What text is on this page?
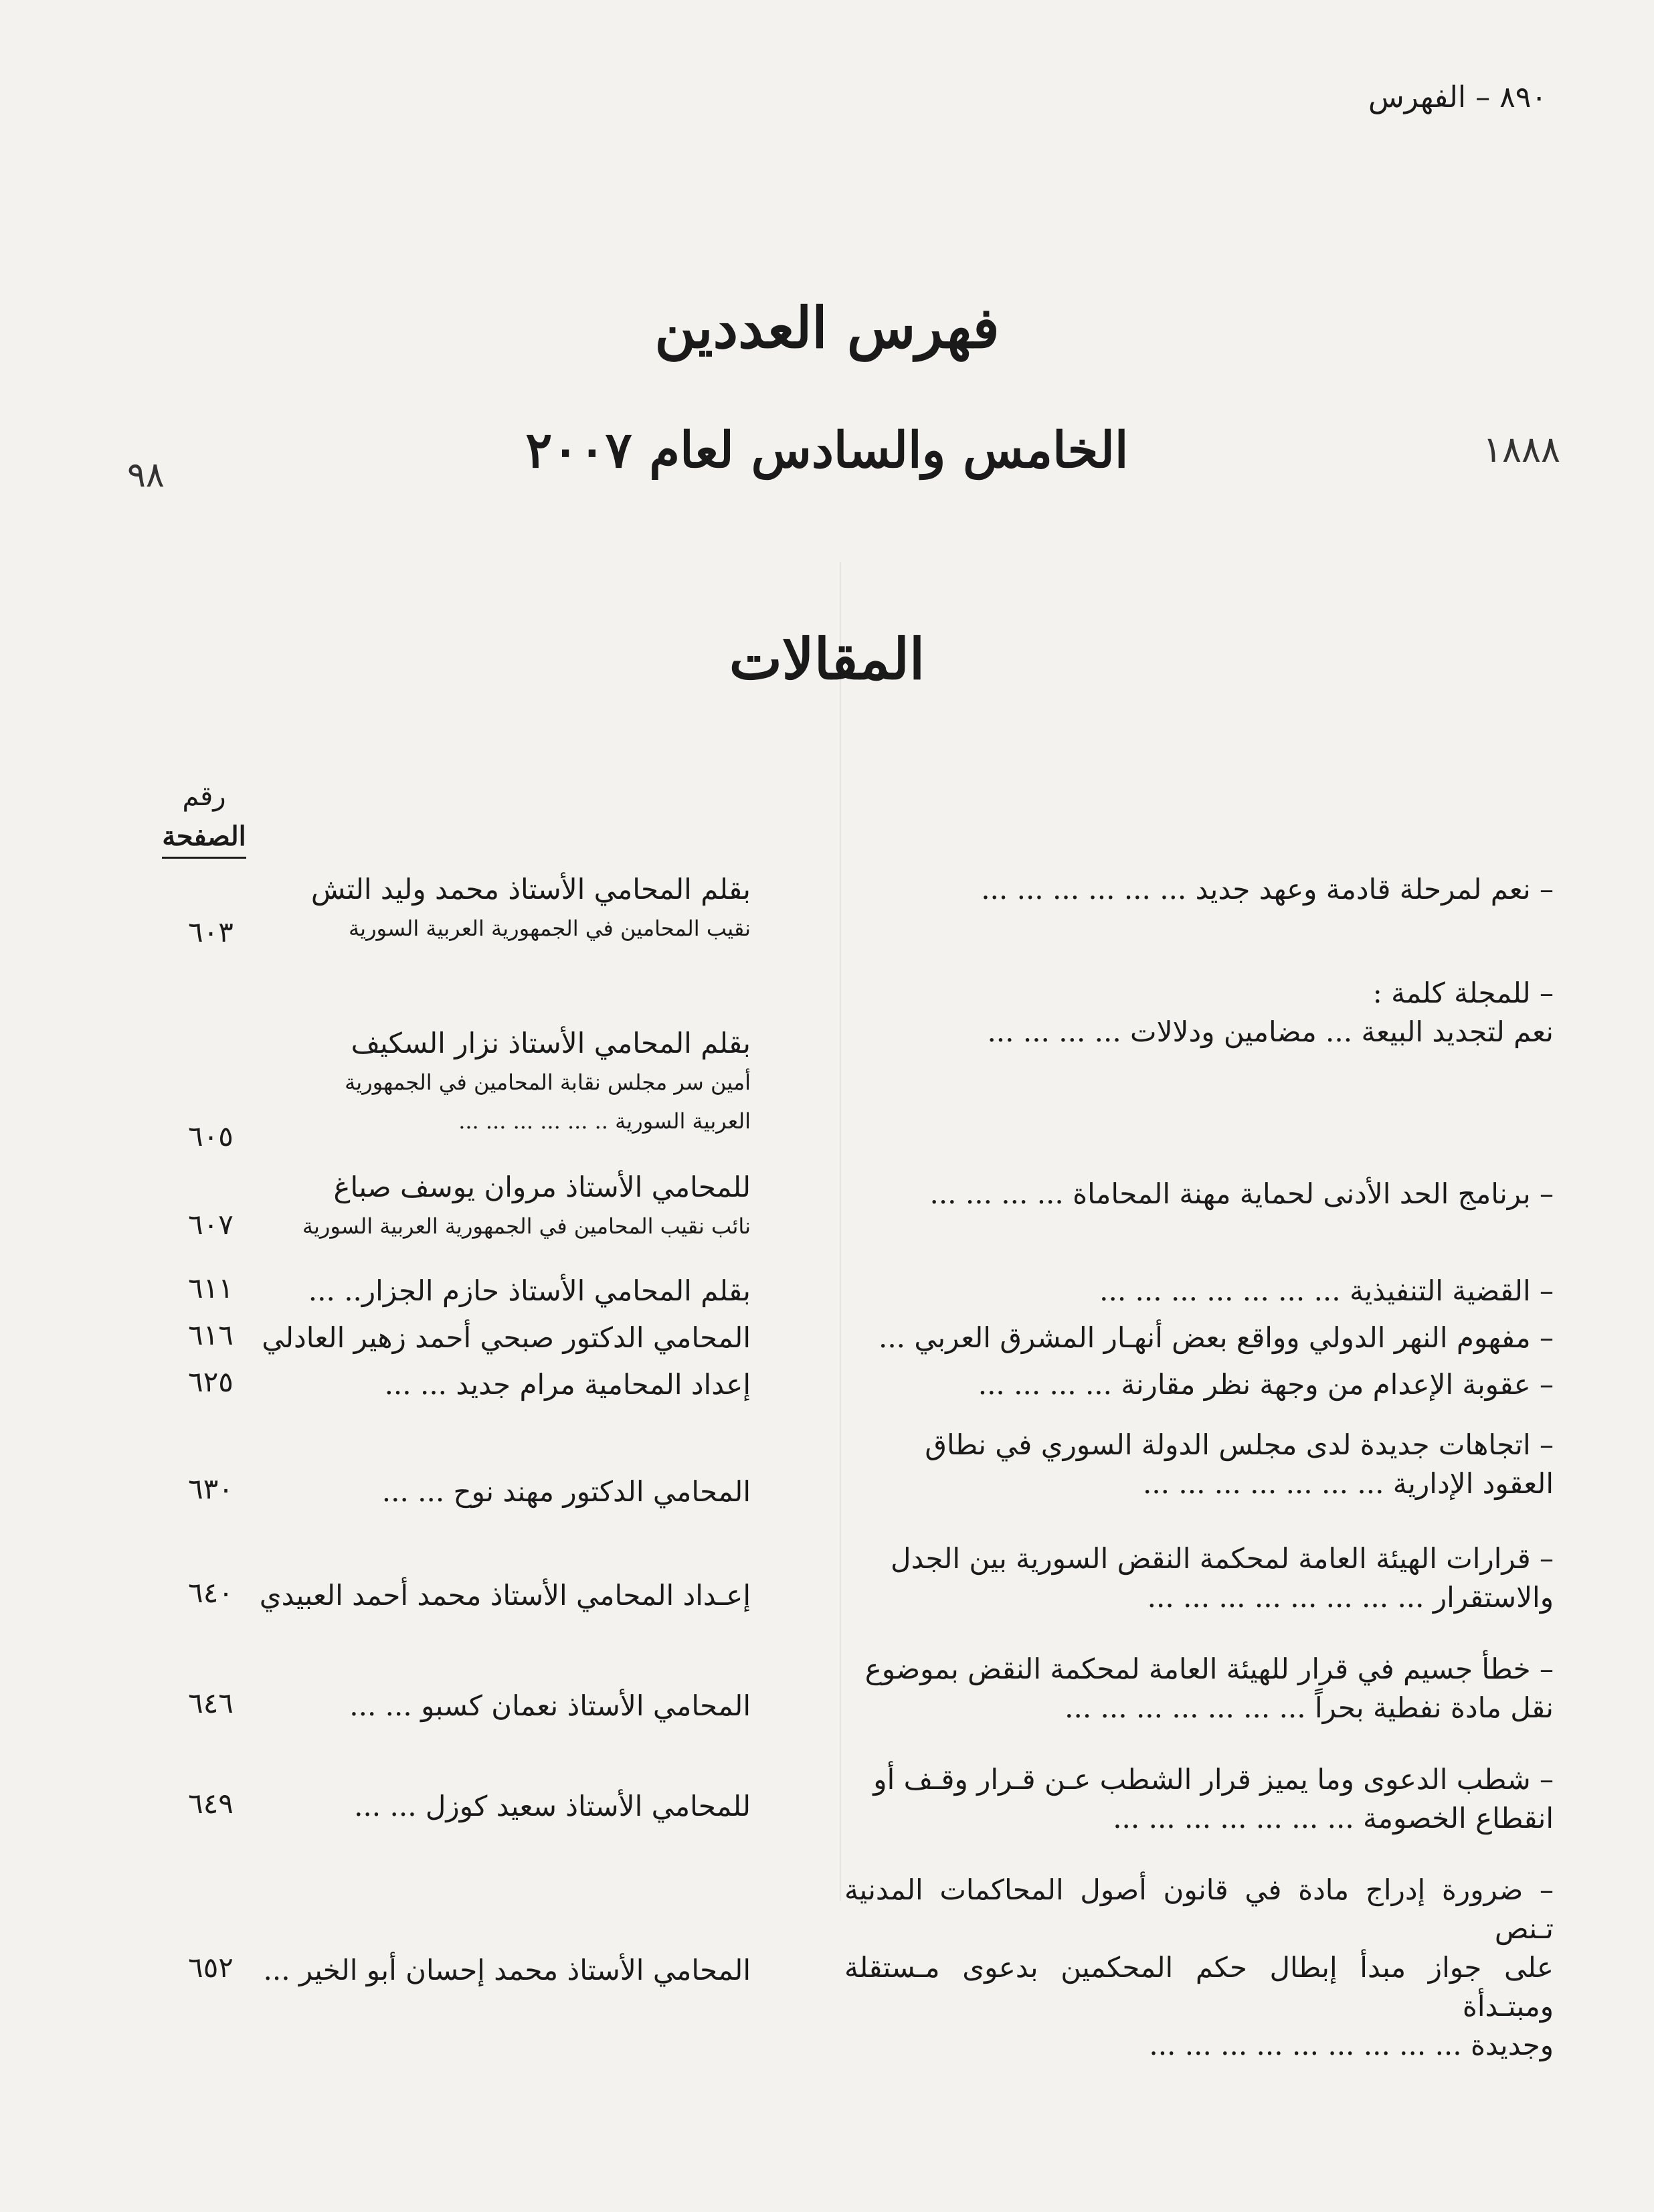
٨٩٠ – الفهرس
٩٨
١٨٨٨
فهرس العددين
الخامس والسادس لعام ٢٠٠٧
المقالات
رقم
الصفحة
– نعم لمرحلة قادمة وعهد جديد ... ... ... ... ... ...
بقلم المحامي الأستاذ محمد وليد التش
نقيب المحامين في الجمهورية العربية السورية
٦٠٣
– للمجلة كلمة :
نعم لتجديد البيعة ... مضامين ودلالات ... ... ... ...
بقلم المحامي الأستاذ نزار السكيف
أمين سر مجلس نقابة المحامين في الجمهورية
العربية السورية .. ... ... ... ... ...
٦٠٥
– برنامج الحد الأدنى لحماية مهنة المحاماة ... ... ... ...
للمحامي الأستاذ مروان يوسف صباغ
نائب نقيب المحامين في الجمهورية العربية السورية
٦٠٧
– القضية التنفيذية ... ... ... ... ... ... ...
بقلم المحامي الأستاذ حازم الجزار.. ...
٦١١
– مفهوم النهر الدولي وواقع بعض أنهـار المشرق العربي ...
المحامي الدكتور صبحي أحمد زهير العادلي
٦١٦
– عقوبة الإعدام من وجهة نظر مقارنة ... ... ... ...
إعداد المحامية مرام جديد ... ...
٦٢٥
– اتجاهات جديدة لدى مجلس الدولة السوري في نطاق
العقود الإدارية ... ... ... ... ... ... ...
المحامي الدكتور مهند نوح ... ...
٦٣٠
– قرارات الهيئة العامة لمحكمة النقض السورية بين الجدل
والاستقرار ... ... ... ... ... ... ... ...
إعـداد المحامي الأستاذ محمد أحمد العبيدي
٦٤٠
– خطأ جسيم في قرار للهيئة العامة لمحكمة النقض بموضوع
نقل مادة نفطية بحراً ... ... ... ... ... ... ...
المحامي الأستاذ نعمان كسبو ... ...
٦٤٦
– شطب الدعوى وما يميز قرار الشطب عـن قـرار وقـف أو
انقطاع الخصومة ... ... ... ... ... ... ...
للمحامي الأستاذ سعيد كوزل ... ...
٦٤٩
– ضرورة إدراج مادة في قانون أصول المحاكمات المدنية تـنص
على جواز مبدأ إبطال حكم المحكمين بدعوى مـستقلة ومبتـدأة
وجديدة ... ... ... ... ... ... ... ... ...
المحامي الأستاذ محمد إحسان أبو الخير ...
٦٥٢
